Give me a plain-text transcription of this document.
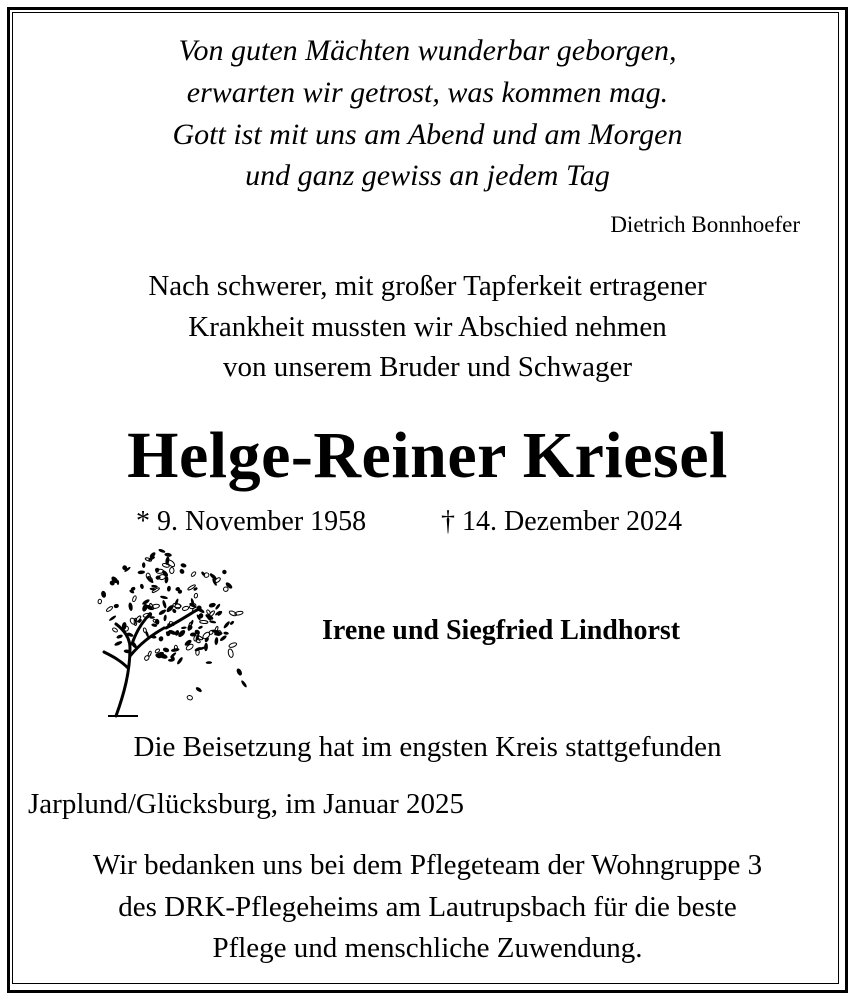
Von guten Mächten wunderbar geborgen,
erwarten wir getrost, was kommen mag.
Gott ist mit uns am Abend und am Morgen
und ganz gewiss an jedem Tag
Dietrich Bonnhoefer
Nach schwerer, mit großer Tapferkeit ertragener
Krankheit mussten wir Abschied nehmen
von unserem Bruder und Schwager
Helge-Reiner Kriesel
* 9. November 1958	† 14. Dezember 2024
Irene und Siegfried Lindhorst
Die Beisetzung hat im engsten Kreis stattgefunden
Jarplund/Glücksburg, im Januar 2025
Wir bedanken uns bei dem Pflegeteam der Wohngruppe 3
des DRK-Pflegeheims am Lautrupsbach für die beste
Pflege und menschliche Zuwendung.
